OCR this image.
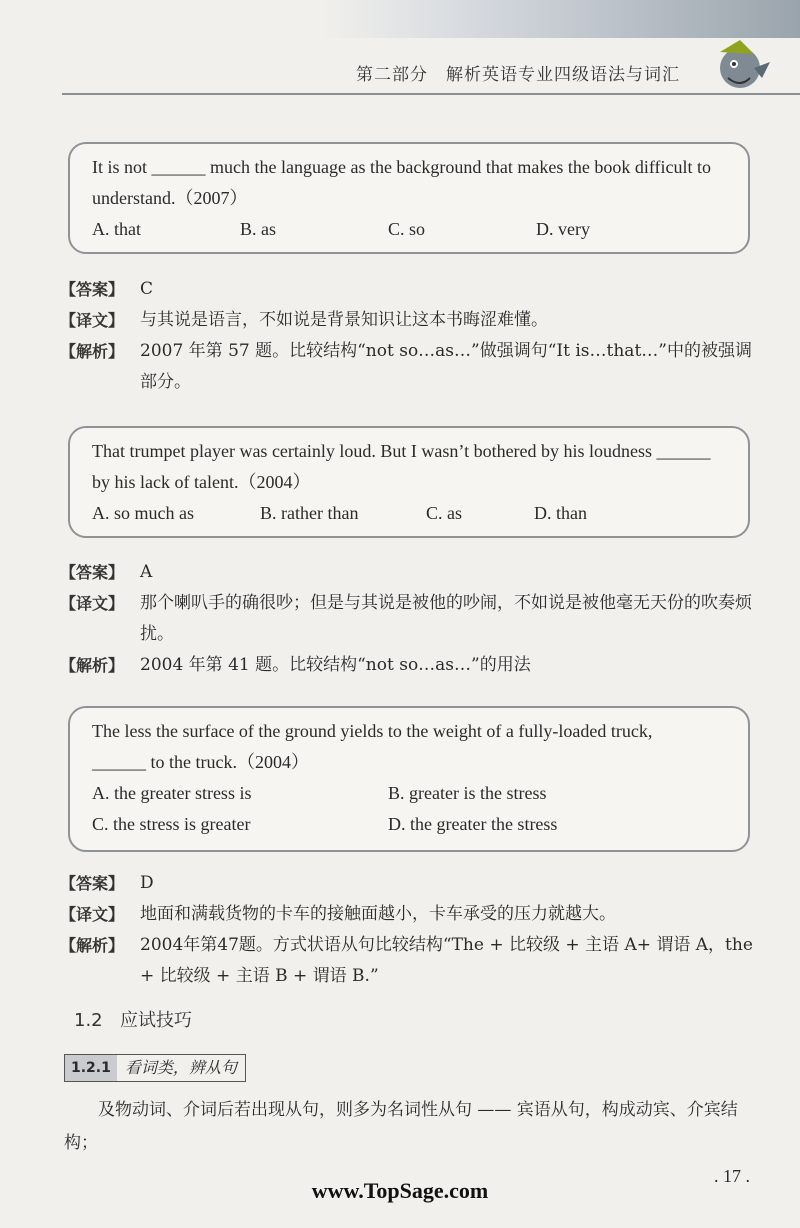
第二部分　解析英语专业四级语法与词汇
It is not ______ much the language as the background that makes the book difficult to understand.（2007）
A. that	B. as	C. so	D. very
【答案】 C
【译文】 与其说是语言，不如说是背景知识让这本书晦涩难懂。
【解析】 2007 年第 57 题。比较结构“not so…as…”做强调句“It is…that…”中的被强调部分。
That trumpet player was certainly loud. But I wasn’t bothered by his loudness ______ by his lack of talent.（2004）
A. so much as	B. rather than	C. as	D. than
【答案】 A
【译文】 那个喇叭手的确很吵；但是与其说是被他的吵闹，不如说是被他毫无天份的吹奏烦扰。
【解析】 2004 年第 41 题。比较结构“not so…as…”的用法
The less the surface of the ground yields to the weight of a fully-loaded truck,
______ to the truck.（2004）
A. the greater stress is	B. greater is the stress
C. the stress is greater	D. the greater the stress
【答案】 D
【译文】 地面和满载货物的卡车的接触面越小，卡车承受的压力就越大。
【解析】 2004年第47题。方式状语从句比较结构“The + 比较级 + 主语 A+ 谓语 A，the + 比较级 + 主语 B + 谓语 B.”
1.2 应试技巧
1.2.1 看词类，辨从句
及物动词、介词后若出现从句，则多为名词性从句 —— 宾语从句，构成动宾、介宾结构；
. 17 .
www.TopSage.com
